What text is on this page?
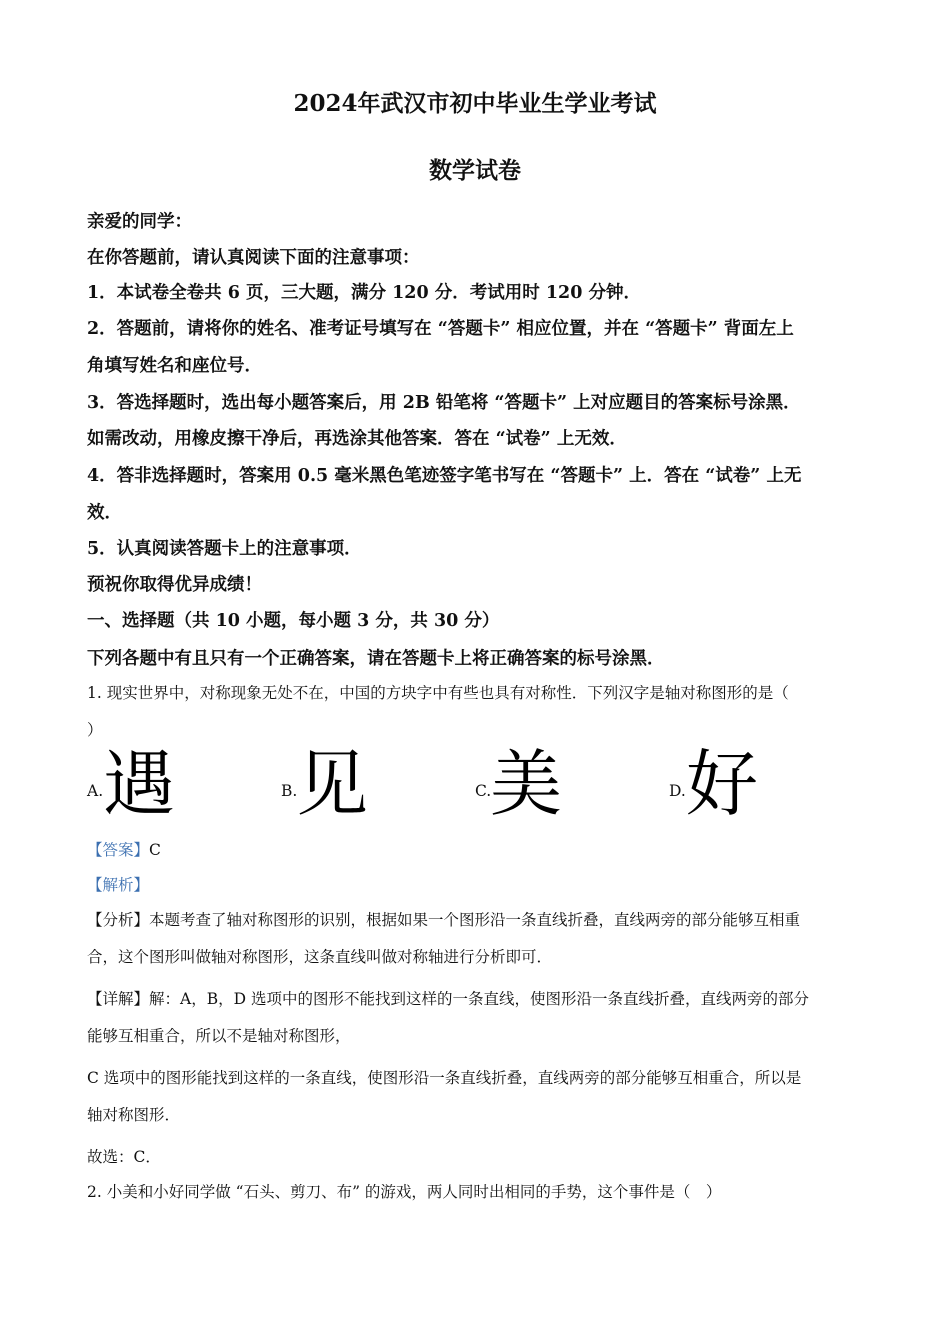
2024年武汉市初中毕业生学业考试
数学试卷
亲爱的同学：
在你答题前，请认真阅读下面的注意事项：
1．本试卷全卷共 6 页，三大题，满分 120 分．考试用时 120 分钟．
2．答题前，请将你的姓名、准考证号填写在 “答题卡” 相应位置，并在 “答题卡” 背面左上
角填写姓名和座位号．
3．答选择题时，选出每小题答案后，用 2B 铅笔将 “答题卡” 上对应题目的答案标号涂黑．
如需改动，用橡皮擦干净后，再选涂其他答案．答在 “试卷” 上无效．
4．答非选择题时，答案用 0.5 毫米黑色笔迹签字笔书写在 “答题卡” 上．答在 “试卷” 上无
效．
5．认真阅读答题卡上的注意事项．
预祝你取得优异成绩！
一、选择题（共 10 小题，每小题 3 分，共 30 分）
下列各题中有且只有一个正确答案，请在答题卡上将正确答案的标号涂黑．
1. 现实世界中，对称现象无处不在，中国的方块字中有些也具有对称性．下列汉字是轴对称图形的是（
）
A. 遇	B.
见	C.
美	D. 好
【答案】C
【解析】
【分析】本题考查了轴对称图形的识别，根据如果一个图形沿一条直线折叠，直线两旁的部分能够互相重
合，这个图形叫做轴对称图形，这条直线叫做对称轴进行分析即可．
【详解】解：A，B，D 选项中的图形不能找到这样的一条直线，使图形沿一条直线折叠，直线两旁的部分
能够互相重合，所以不是轴对称图形，
C 选项中的图形能找到这样的一条直线，使图形沿一条直线折叠，直线两旁的部分能够互相重合，所以是
轴对称图形．
故选：C．
2. 小美和小好同学做 “石头、剪刀、布” 的游戏，两人同时出相同的手势，这个事件是（　）
